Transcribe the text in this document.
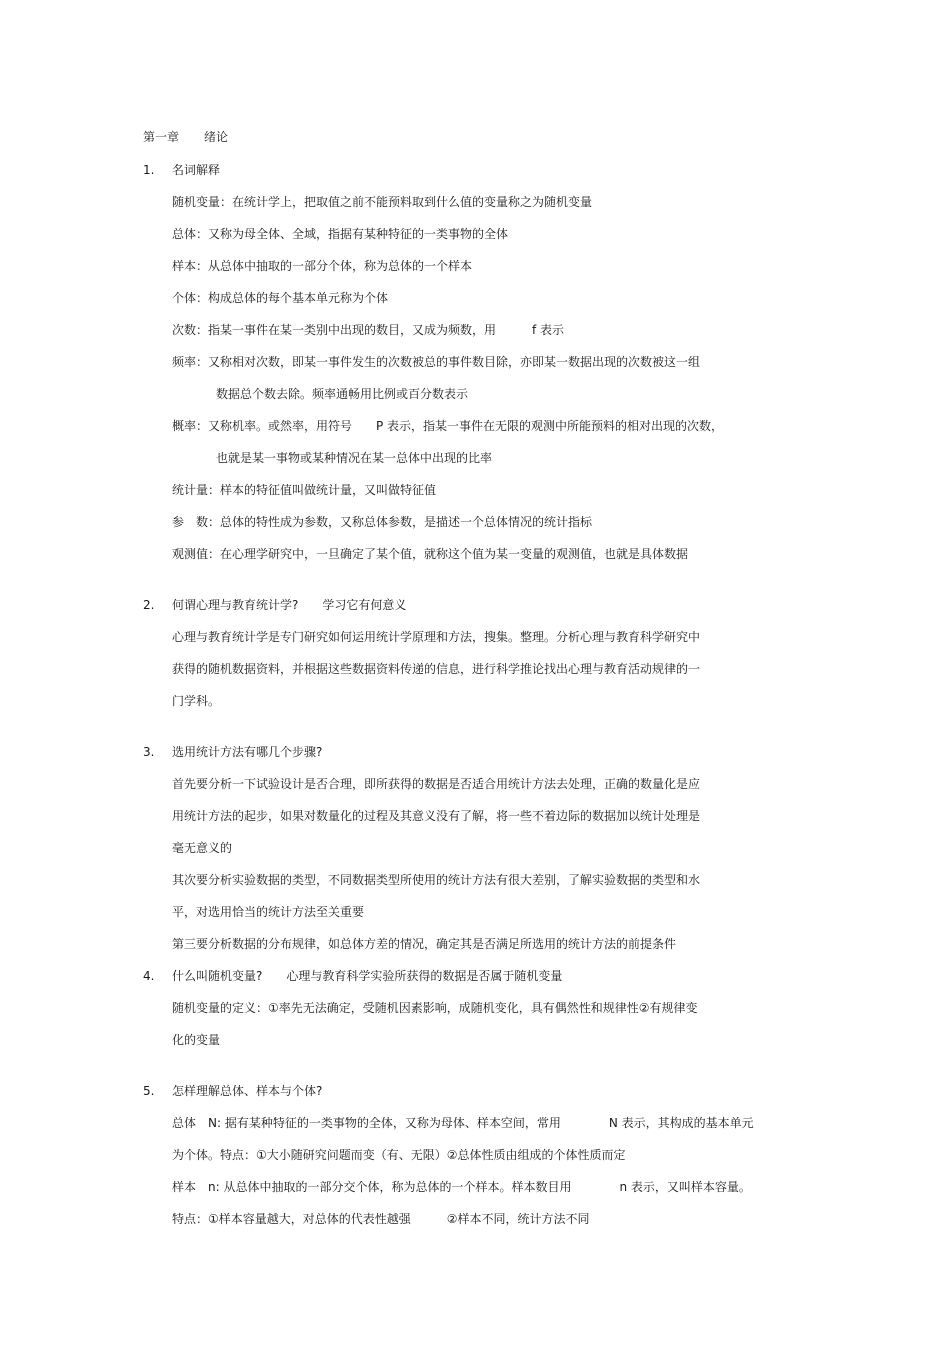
第一章 绪论
1. 名词解释
随机变量：在统计学上，把取值之前不能预料取到什么值的变量称之为随机变量
总体：又称为母全体、全域，指据有某种特征的一类事物的全体
样本：从总体中抽取的一部分个体，称为总体的一个样本
个体：构成总体的每个基本单元称为个体
次数：指某一事件在某一类别中出现的数目，又成为频数，用　　　f 表示
频率：又称相对次数，即某一事件发生的次数被总的事件数目除，亦即某一数据出现的次数被这一组
数据总个数去除。频率通畅用比例或百分数表示
概率：又称机率。或然率，用符号　　P 表示，指某一事件在无限的观测中所能预料的相对出现的次数，
也就是某一事物或某种情况在某一总体中出现的比率
统计量：样本的特征值叫做统计量，又叫做特征值
参　数：总体的特性成为参数，又称总体参数，是描述一个总体情况的统计指标
观测值：在心理学研究中，一旦确定了某个值，就称这个值为某一变量的观测值，也就是具体数据
2. 何谓心理与教育统计学?　　学习它有何意义
心理与教育统计学是专门研究如何运用统计学原理和方法，搜集。整理。分析心理与教育科学研究中
获得的随机数据资料，并根据这些数据资料传递的信息，进行科学推论找出心理与教育活动规律的一
门学科。
3. 选用统计方法有哪几个步骤?
首先要分析一下试验设计是否合理，即所获得的数据是否适合用统计方法去处理，正确的数量化是应
用统计方法的起步，如果对数量化的过程及其意义没有了解，将一些不着边际的数据加以统计处理是
毫无意义的
其次要分析实验数据的类型，不同数据类型所使用的统计方法有很大差别，了解实验数据的类型和水
平，对选用恰当的统计方法至关重要
第三要分析数据的分布规律，如总体方差的情况，确定其是否满足所选用的统计方法的前提条件
4. 什么叫随机变量?　　心理与教育科学实验所获得的数据是否属于随机变量
随机变量的定义：①率先无法确定，受随机因素影响，成随机变化，具有偶然性和规律性②有规律变
化的变量
5. 怎样理解总体、样本与个体?
总体　N: 据有某种特征的一类事物的全体，又称为母体、样本空间，常用　　　　N 表示，其构成的基本单元
为个体。特点：①大小随研究问题而变（有、无限）②总体性质由组成的个体性质而定
样本　n: 从总体中抽取的一部分交个体，称为总体的一个样本。样本数目用　　　　n 表示，又叫样本容量。
特点：①样本容量越大，对总体的代表性越强　　　②样本不同，统计方法不同
